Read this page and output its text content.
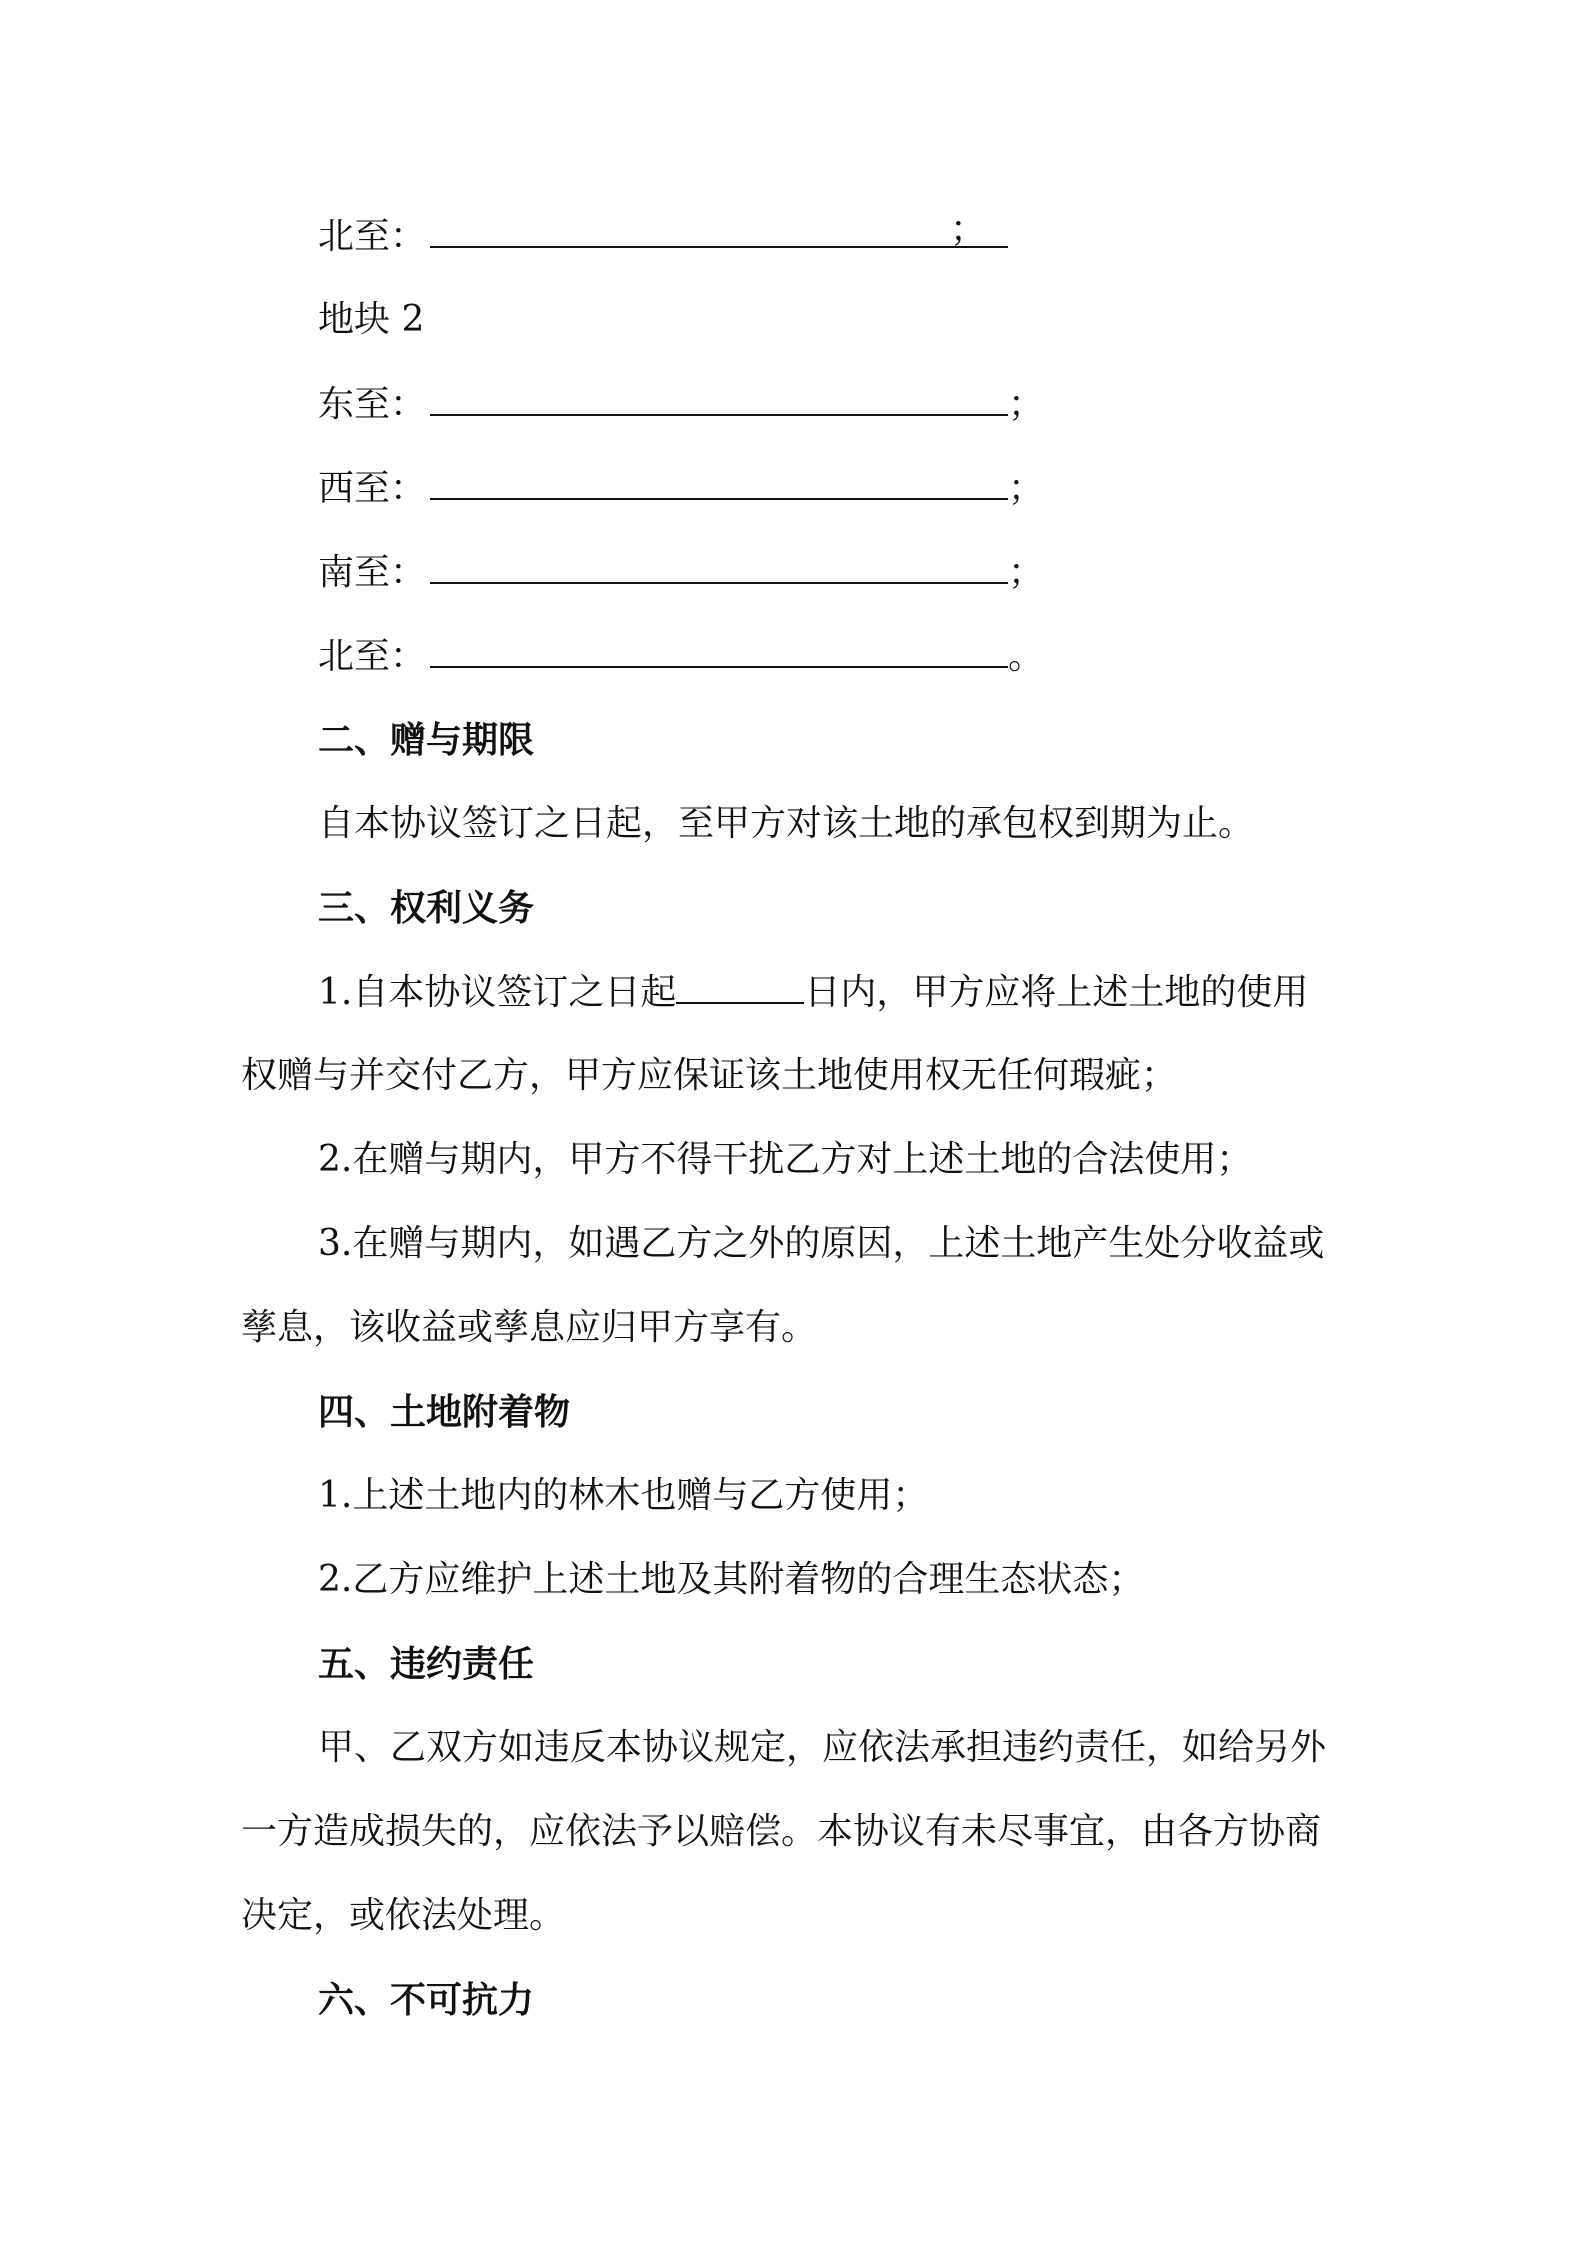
北至：	；
地块 2
东至：	；
西至：	；
南至：	；
北至：	。
二、赠与期限
自本协议签订之日起，至甲方对该土地的承包权到期为止。
三、权利义务
1.自本协议签订之日起	日内，甲方应将上述土地的使用
权赠与并交付乙方，甲方应保证该土地使用权无任何瑕疵；
2.在赠与期内，甲方不得干扰乙方对上述土地的合法使用；
3.在赠与期内，如遇乙方之外的原因，上述土地产生处分收益或
孳息，该收益或孳息应归甲方享有。
四、土地附着物
1.上述土地内的林木也赠与乙方使用；
2.乙方应维护上述土地及其附着物的合理生态状态；
五、违约责任
甲、乙双方如违反本协议规定，应依法承担违约责任，如给另外
一方造成损失的，应依法予以赔偿。本协议有未尽事宜，由各方协商
决定，或依法处理。
六、不可抗力
